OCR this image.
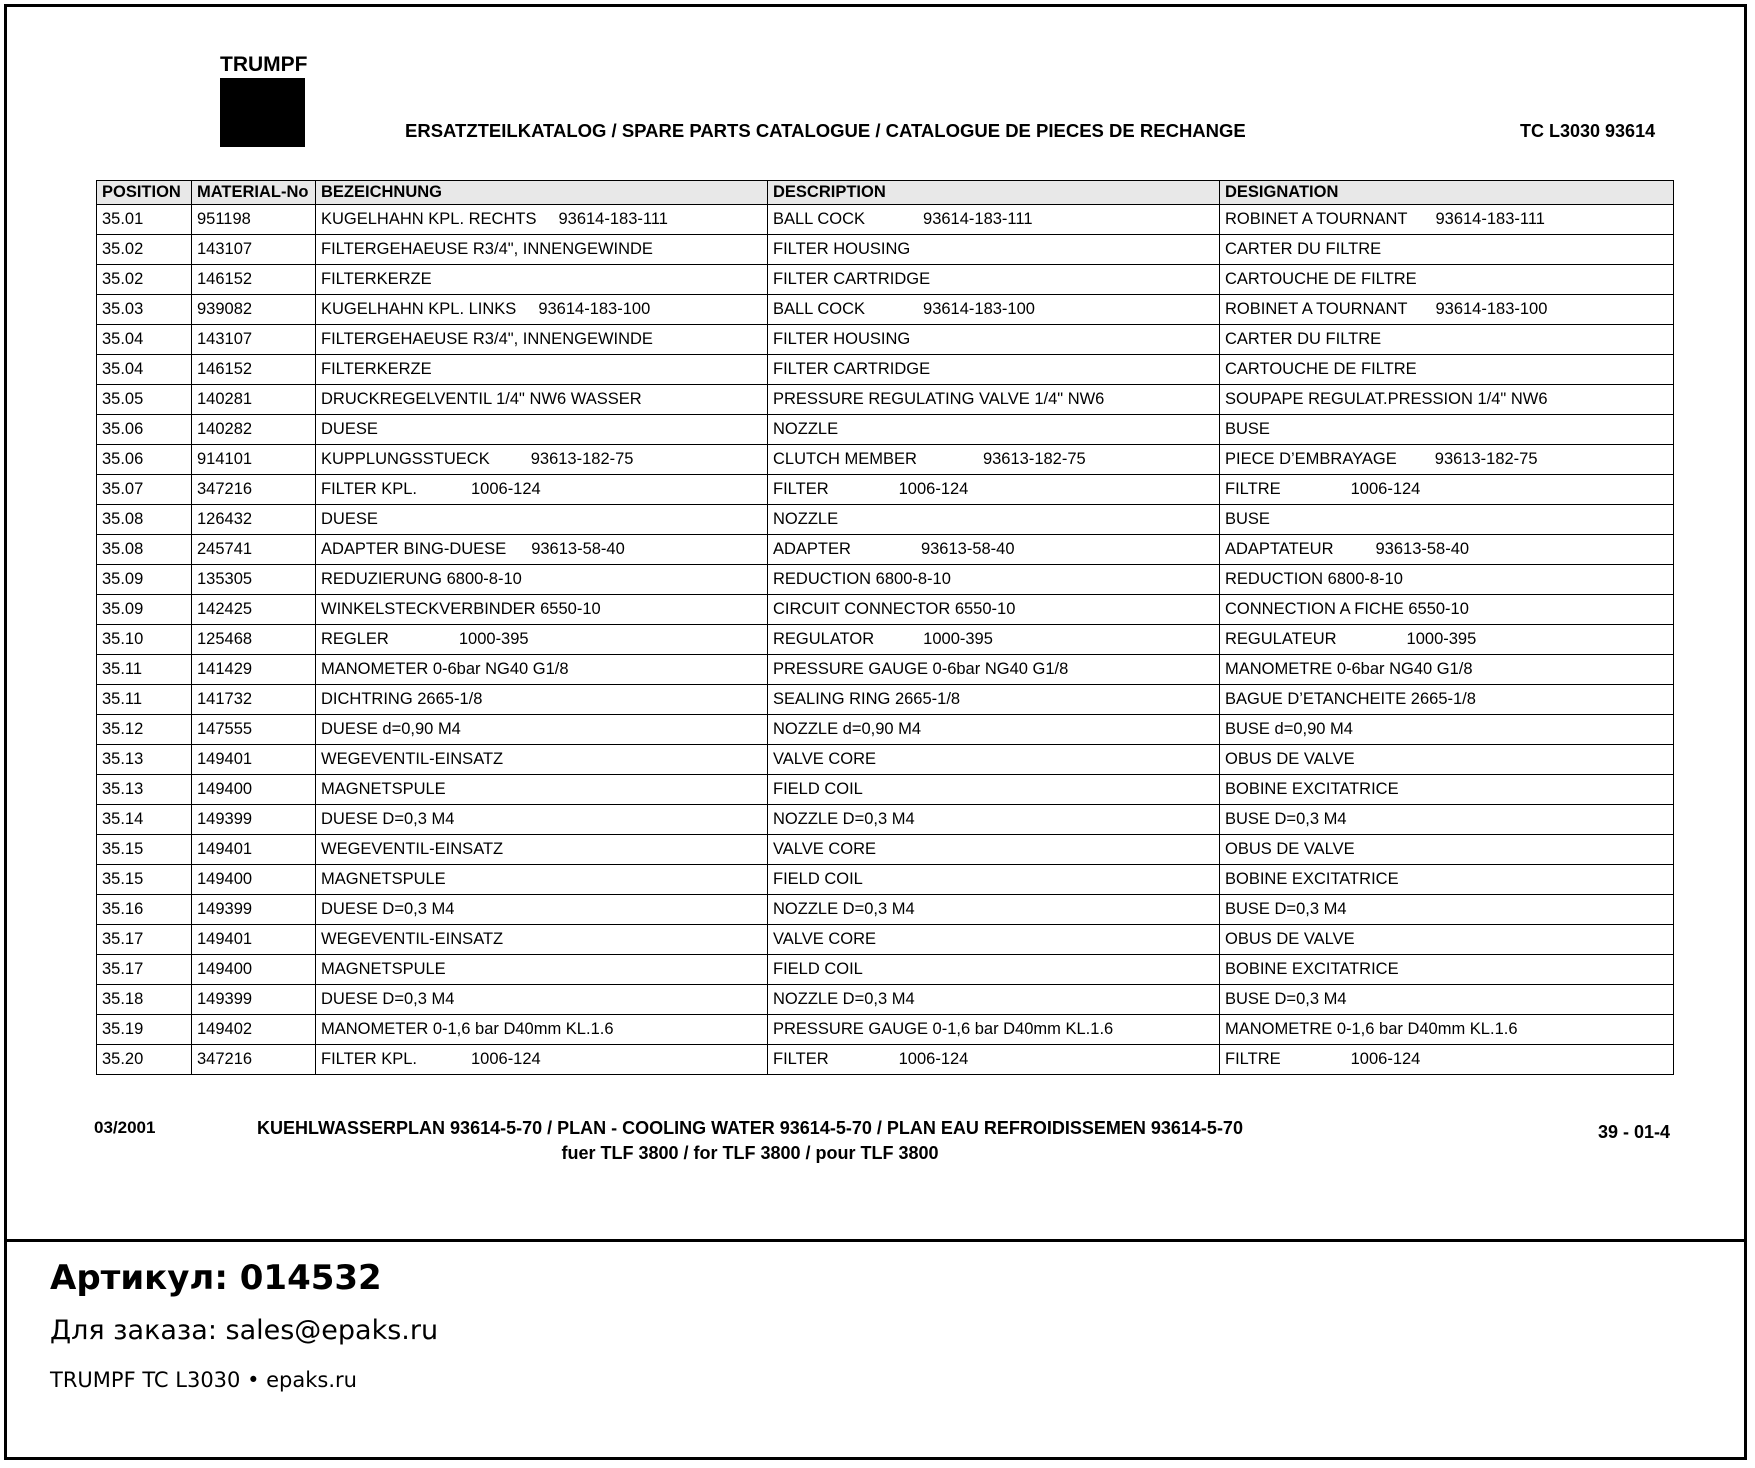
TRUMPF
ERSATZTEILKATALOG / SPARE PARTS CATALOGUE / CATALOGUE DE PIECES DE RECHANGE	TC L3030 93614
POSITION	MATERIAL-No	BEZEICHNUNG	DESCRIPTION	DESIGNATION
35.01	951198	KUGELHAHN KPL. RECHTS 93614-183-111	BALL COCK 93614-183-111	ROBINET A TOURNANT 93614-183-111
35.02	143107	FILTERGEHAEUSE R3/4", INNENGEWINDE	FILTER HOUSING	CARTER DU FILTRE
35.02	146152	FILTERKERZE	FILTER CARTRIDGE	CARTOUCHE DE FILTRE
35.03	939082	KUGELHAHN KPL. LINKS 93614-183-100	BALL COCK 93614-183-100	ROBINET A TOURNANT 93614-183-100
35.04	143107	FILTERGEHAEUSE R3/4", INNENGEWINDE	FILTER HOUSING	CARTER DU FILTRE
35.04	146152	FILTERKERZE	FILTER CARTRIDGE	CARTOUCHE DE FILTRE
35.05	140281	DRUCKREGELVENTIL 1/4" NW6 WASSER	PRESSURE REGULATING VALVE 1/4" NW6	SOUPAPE REGULAT.PRESSION 1/4" NW6
35.06	140282	DUESE	NOZZLE	BUSE
35.06	914101	KUPPLUNGSSTUECK 93613-182-75	CLUTCH MEMBER 93613-182-75	PIECE D’EMBRAYAGE 93613-182-75
35.07	347216	FILTER KPL. 1006-124	FILTER 1006-124	FILTRE 1006-124
35.08	126432	DUESE	NOZZLE	BUSE
35.08	245741	ADAPTER BING-DUESE 93613-58-40	ADAPTER 93613-58-40	ADAPTATEUR 93613-58-40
35.09	135305	REDUZIERUNG 6800-8-10	REDUCTION 6800-8-10	REDUCTION 6800-8-10
35.09	142425	WINKELSTECKVERBINDER 6550-10	CIRCUIT CONNECTOR 6550-10	CONNECTION A FICHE 6550-10
35.10	125468	REGLER 1000-395	REGULATOR 1000-395	REGULATEUR 1000-395
35.11	141429	MANOMETER 0-6bar NG40 G1/8	PRESSURE GAUGE 0-6bar NG40 G1/8	MANOMETRE 0-6bar NG40 G1/8
35.11	141732	DICHTRING 2665-1/8	SEALING RING 2665-1/8	BAGUE D’ETANCHEITE 2665-1/8
35.12	147555	DUESE d=0,90 M4	NOZZLE d=0,90 M4	BUSE d=0,90 M4
35.13	149401	WEGEVENTIL-EINSATZ	VALVE CORE	OBUS DE VALVE
35.13	149400	MAGNETSPULE	FIELD COIL	BOBINE EXCITATRICE
35.14	149399	DUESE D=0,3 M4	NOZZLE D=0,3 M4	BUSE D=0,3 M4
35.15	149401	WEGEVENTIL-EINSATZ	VALVE CORE	OBUS DE VALVE
35.15	149400	MAGNETSPULE	FIELD COIL	BOBINE EXCITATRICE
35.16	149399	DUESE D=0,3 M4	NOZZLE D=0,3 M4	BUSE D=0,3 M4
35.17	149401	WEGEVENTIL-EINSATZ	VALVE CORE	OBUS DE VALVE
35.17	149400	MAGNETSPULE	FIELD COIL	BOBINE EXCITATRICE
35.18	149399	DUESE D=0,3 M4	NOZZLE D=0,3 M4	BUSE D=0,3 M4
35.19	149402	MANOMETER 0-1,6 bar D40mm KL.1.6	PRESSURE GAUGE 0-1,6 bar D40mm KL.1.6	MANOMETRE 0-1,6 bar D40mm KL.1.6
35.20	347216	FILTER KPL. 1006-124	FILTER 1006-124	FILTRE 1006-124
03/2001	KUEHLWASSERPLAN 93614-5-70 / PLAN - COOLING WATER 93614-5-70 / PLAN EAU REFROIDISSEMEN 93614-5-70
fuer TLF 3800 / for TLF 3800 / pour TLF 3800
39 - 01-4
Артикул: 014532
Для заказа: sales@epaks.ru
TRUMPF TC L3030 • epaks.ru
